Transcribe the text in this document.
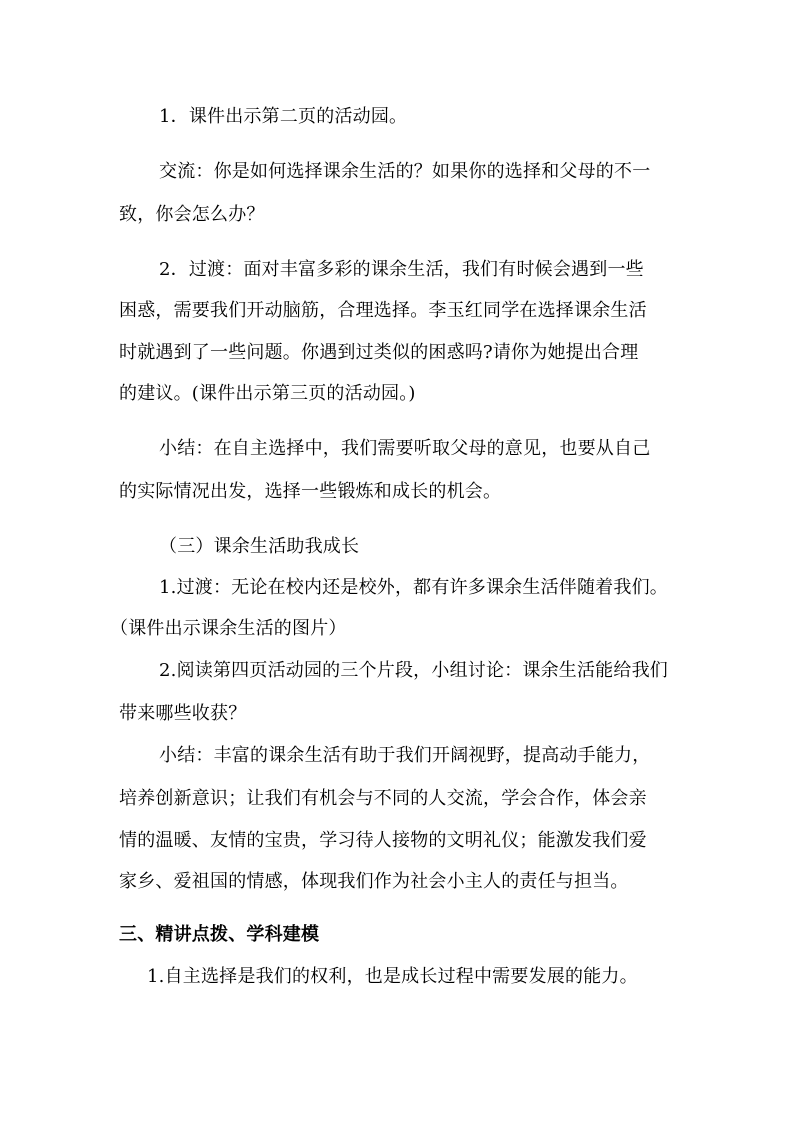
1．课件出示第二页的活动园。
交流：你是如何选择课余生活的？如果你的选择和父母的不一
致，你会怎么办？
2．过渡：面对丰富多彩的课余生活，我们有时候会遇到一些
困惑，需要我们开动脑筋，合理选择。李玉红同学在选择课余生活
时就遇到了一些问题。你遇到过类似的困惑吗?请你为她提出合理
的建议。(课件出示第三页的活动园。)
小结：在自主选择中，我们需要听取父母的意见，也要从自己
的实际情况出发，选择一些锻炼和成长的机会。
（三）课余生活助我成长
1.过渡：无论在校内还是校外，都有许多课余生活伴随着我们。
（课件出示课余生活的图片）
2.阅读第四页活动园的三个片段，小组讨论：课余生活能给我们
带来哪些收获？
小结：丰富的课余生活有助于我们开阔视野，提高动手能力，
培养创新意识；让我们有机会与不同的人交流，学会合作，体会亲
情的温暖、友情的宝贵，学习待人接物的文明礼仪；能激发我们爱
家乡、爱祖国的情感，体现我们作为社会小主人的责任与担当。
三、精讲点拨、学科建模
1.自主选择是我们的权利，也是成长过程中需要发展的能力。
